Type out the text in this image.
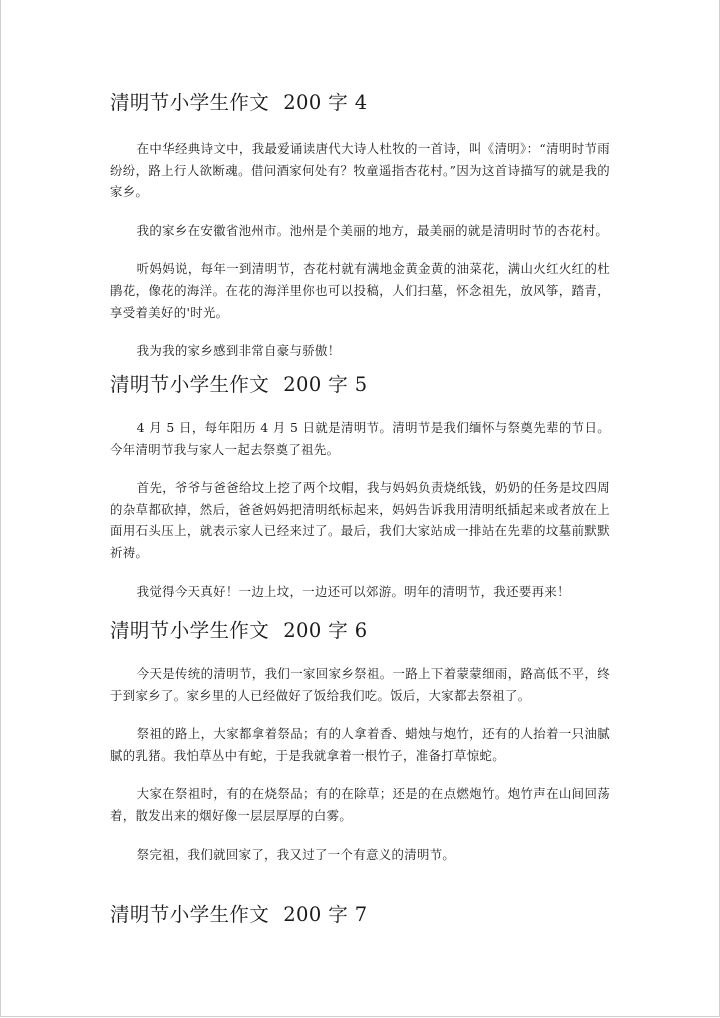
清明节小学生作文 200 字 4

在中华经典诗文中，我最爱诵读唐代大诗人杜牧的一首诗，叫《清明》：“清明时节雨纷纷，路上行人欲断魂。借问酒家何处有？牧童遥指杏花村。”因为这首诗描写的就是我的家乡。

我的家乡在安徽省池州市。池州是个美丽的地方，最美丽的就是清明时节的杏花村。

听妈妈说，每年一到清明节，杏花村就有满地金黄金黄的油菜花，满山火红火红的杜鹃花，像花的海洋。在花的海洋里你也可以投稿，人们扫墓，怀念祖先，放风筝，踏青，享受着美好的'时光。

我为我的家乡感到非常自豪与骄傲！

清明节小学生作文 200 字 5

4 月 5 日，每年阳历 4 月 5 日就是清明节。清明节是我们缅怀与祭奠先辈的节日。今年清明节我与家人一起去祭奠了祖先。

首先，爷爷与爸爸给坟上挖了两个坟帽，我与妈妈负责烧纸钱，奶奶的任务是坟四周的杂草都砍掉，然后，爸爸妈妈把清明纸标起来，妈妈告诉我用清明纸插起来或者放在上面用石头压上，就表示家人已经来过了。最后，我们大家站成一排站在先辈的坟墓前默默祈祷。

我觉得今天真好！一边上坟，一边还可以郊游。明年的清明节，我还要再来！

清明节小学生作文 200 字 6

今天是传统的清明节，我们一家回家乡祭祖。一路上下着蒙蒙细雨，路高低不平，终于到家乡了。家乡里的人已经做好了饭给我们吃。饭后，大家都去祭祖了。

祭祖的路上，大家都拿着祭品；有的人拿着香、蜡烛与炮竹，还有的人抬着一只油腻腻的乳猪。我怕草丛中有蛇，于是我就拿着一根竹子，准备打草惊蛇。

大家在祭祖时，有的在烧祭品；有的在除草；还是的在点燃炮竹。炮竹声在山间回荡着，散发出来的烟好像一层层厚厚的白雾。

祭完祖，我们就回家了，我又过了一个有意义的清明节。

清明节小学生作文 200 字 7
